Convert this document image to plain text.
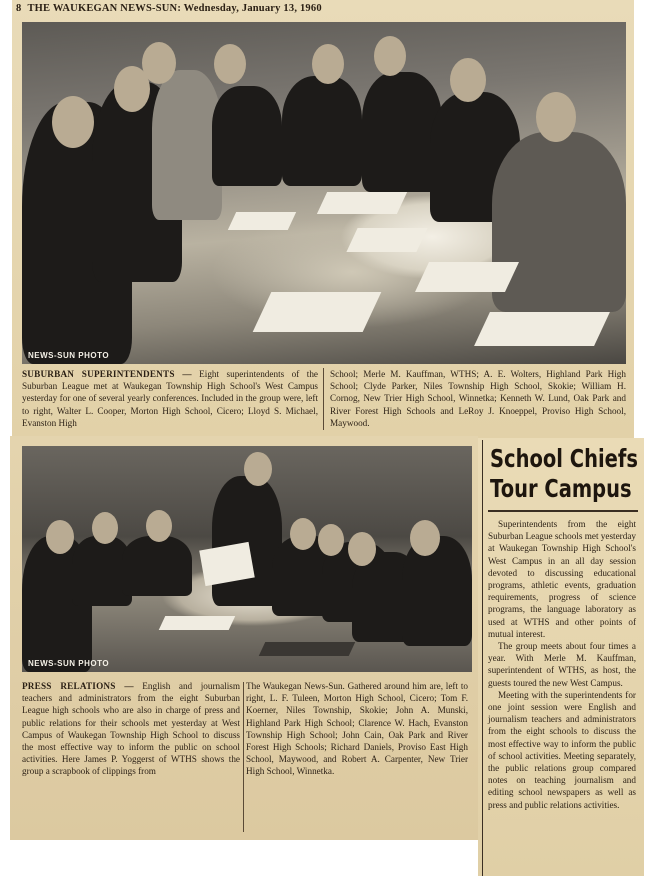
8 THE WAUKEGAN NEWS-SUN: Wednesday, January 13, 1960
NEWS-SUN PHOTO
SUBURBAN SUPERINTENDENTS — Eight superintendents of the Suburban League met at Waukegan Township High School's West Campus yesterday for one of several yearly conferences. Included in the group were, left to right, Walter L. Cooper, Morton High School, Cicero; Lloyd S. Michael, Evanston High
School; Merle M. Kauffman, WTHS; A. E. Wolters, Highland Park High School; Clyde Parker, Niles Township High School, Skokie; William H. Cornog, New Trier High School, Winnetka; Kenneth W. Lund, Oak Park and River Forest High Schools and LeRoy J. Knoeppel, Proviso High School, Maywood.
NEWS-SUN PHOTO
PRESS RELATIONS — English and journalism teachers and administrators from the eight Suburban League high schools who are also in charge of press and public relations for their schools met yesterday at West Campus of Waukegan Township High School to discuss the most effective way to inform the public on school activities. Here James P. Yoggerst of WTHS shows the group a scrapbook of clippings from
The Waukegan News-Sun. Gathered around him are, left to right, L. F. Tuleen, Morton High School, Cicero; Tom F. Koerner, Niles Township, Skokie; John A. Munski, Highland Park High School; Clarence W. Hach, Evanston Township High School; John Cain, Oak Park and River Forest High Schools; Richard Daniels, Proviso East High School, Maywood, and Robert A. Carpenter, New Trier High School, Winnetka.
School Chiefs
Tour Campus

Superintendents from the eight Suburban League schools met yesterday at Waukegan Township High School's West Campus in an all day session devoted to discussing educational programs, athletic events, graduation requirements, progress of science programs, the language laboratory as used at WTHS and other points of mutual interest.

The group meets about four times a year. With Merle M. Kauffman, superintendent of WTHS, as host, the guests toured the new West Campus.

Meeting with the superintendents for one joint session were English and journalism teachers and administrators from the eight schools to discuss the most effective way to inform the public of school activities. Meeting separately, the public relations group compared notes on teaching journalism and editing school newspapers as well as press and public relations activities.
